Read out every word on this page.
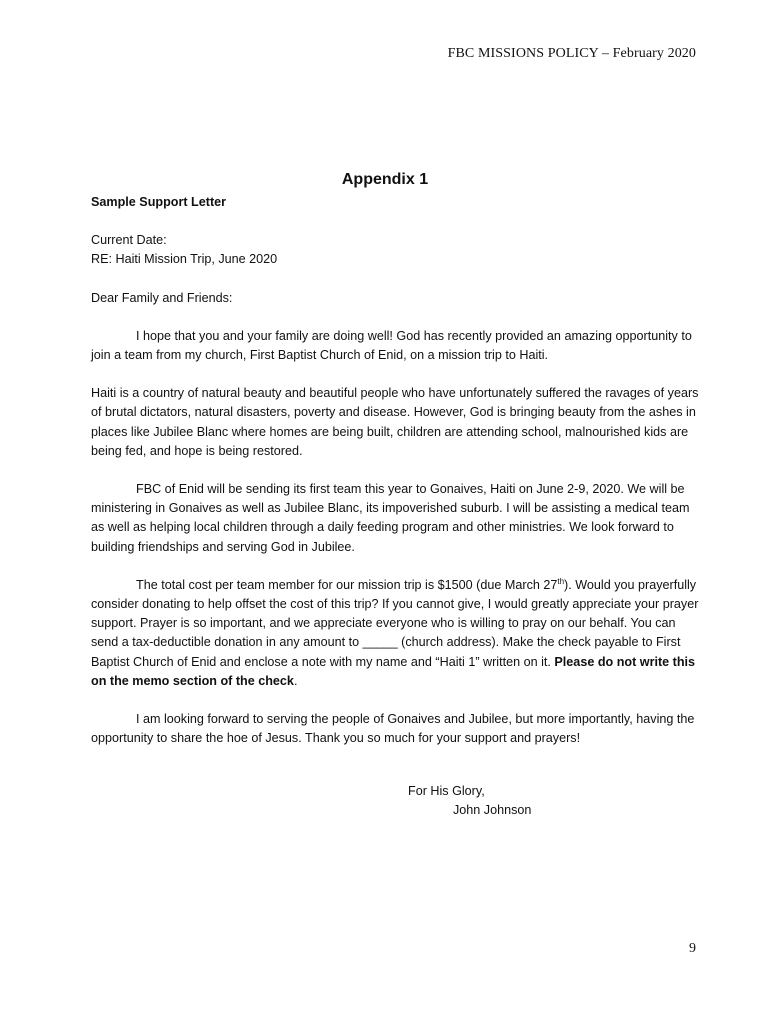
FBC MISSIONS POLICY – February 2020
Appendix 1

Sample Support Letter

Current Date:

RE: Haiti Mission Trip, June 2020

Dear Family and Friends:

I hope that you and your family are doing well! God has recently provided an amazing opportunity to join a team from my church, First Baptist Church of Enid, on a mission trip to Haiti.

Haiti is a country of natural beauty and beautiful people who have unfortunately suffered the ravages of years of brutal dictators, natural disasters, poverty and disease. However, God is bringing beauty from the ashes in places like Jubilee Blanc where homes are being built, children are attending school, malnourished kids are being fed, and hope is being restored.

FBC of Enid will be sending its first team this year to Gonaives, Haiti on June 2-9, 2020. We will be ministering in Gonaives as well as Jubilee Blanc, its impoverished suburb. I will be assisting a medical team as well as helping local children through a daily feeding program and other ministries. We look forward to building friendships and serving God in Jubilee.

The total cost per team member for our mission trip is $1500 (due March 27th). Would you prayerfully consider donating to help offset the cost of this trip? If you cannot give, I would greatly appreciate your prayer support. Prayer is so important, and we appreciate everyone who is willing to pray on our behalf. You can send a tax-deductible donation in any amount to _____ (church address). Make the check payable to First Baptist Church of Enid and enclose a note with my name and “Haiti 1” written on it. Please do not write this on the memo section of the check.

I am looking forward to serving the people of Gonaives and Jubilee, but more importantly, having the opportunity to share the hoe of Jesus. Thank you so much for your support and prayers!

For His Glory,
John Johnson
9
